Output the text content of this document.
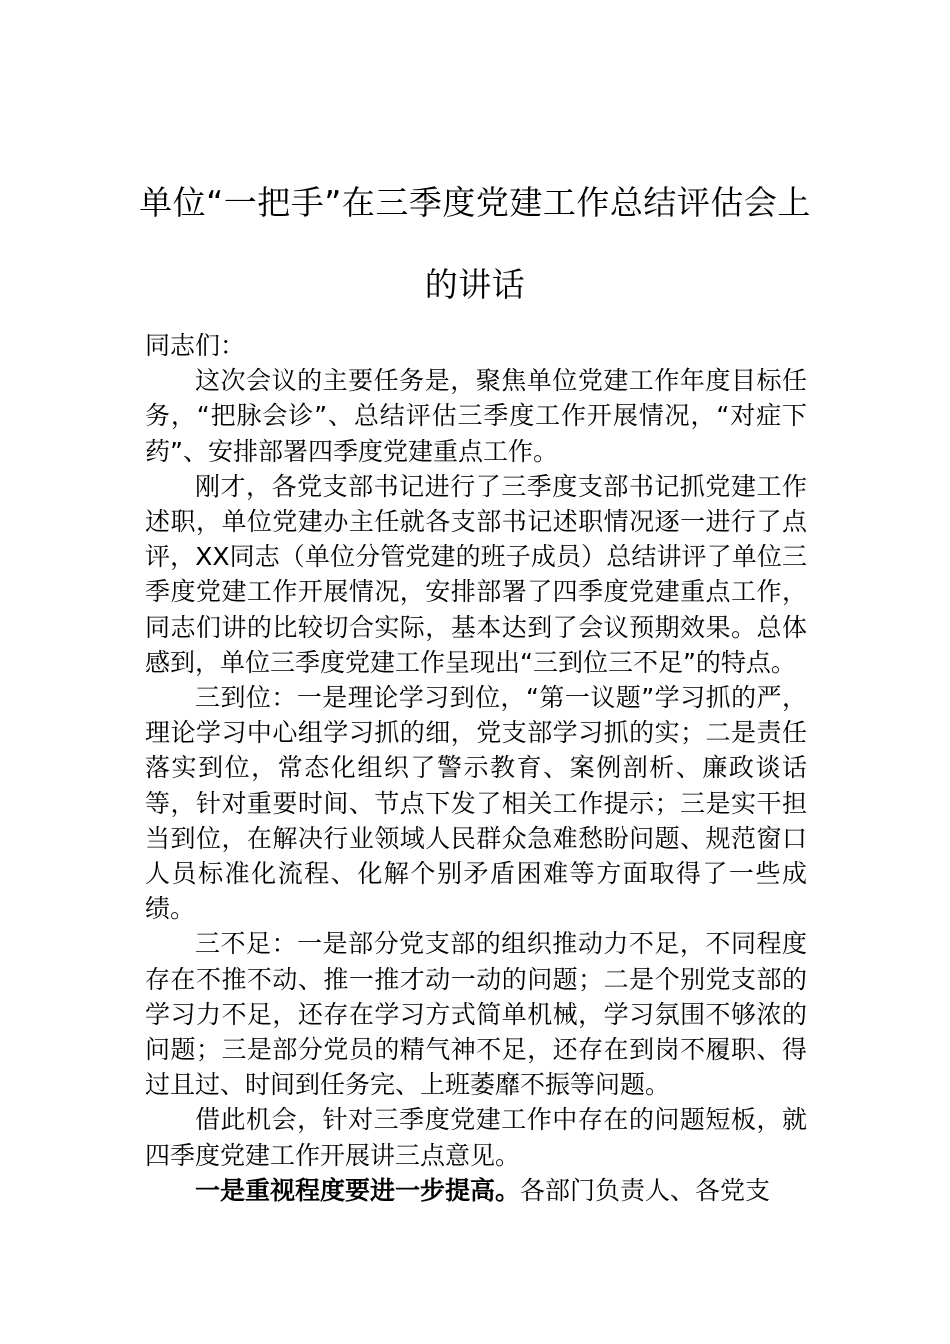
单位“一把手”在三季度党建工作总结评估会上的讲话

同志们：

这次会议的主要任务是，聚焦单位党建工作年度目标任务，“把脉会诊”、总结评估三季度工作开展情况，“对症下药”、安排部署四季度党建重点工作。

刚才，各党支部书记进行了三季度支部书记抓党建工作述职，单位党建办主任就各支部书记述职情况逐一进行了点评，XX同志（单位分管党建的班子成员）总结讲评了单位三季度党建工作开展情况，安排部署了四季度党建重点工作，同志们讲的比较切合实际，基本达到了会议预期效果。总体感到，单位三季度党建工作呈现出“三到位三不足”的特点。

三到位：一是理论学习到位，“第一议题”学习抓的严，理论学习中心组学习抓的细，党支部学习抓的实；二是责任落实到位，常态化组织了警示教育、案例剖析、廉政谈话等，针对重要时间、节点下发了相关工作提示；三是实干担当到位，在解决行业领域人民群众急难愁盼问题、规范窗口人员标准化流程、化解个别矛盾困难等方面取得了一些成绩。

三不足：一是部分党支部的组织推动力不足，不同程度存在不推不动、推一推才动一动的问题；二是个别党支部的学习力不足，还存在学习方式简单机械，学习氛围不够浓的问题；三是部分党员的精气神不足，还存在到岗不履职、得过且过、时间到任务完、上班萎靡不振等问题。

借此机会，针对三季度党建工作中存在的问题短板，就四季度党建工作开展讲三点意见。

一是重视程度要进一步提高。各部门负责人、各党支
